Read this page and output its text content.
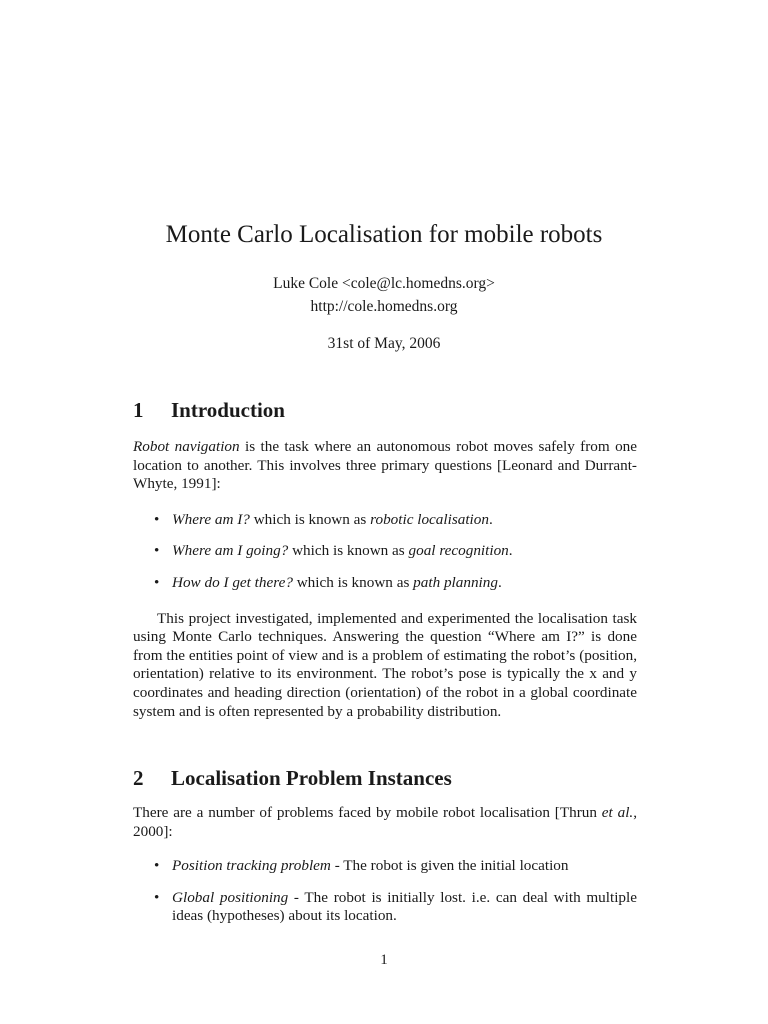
Monte Carlo Localisation for mobile robots
Luke Cole <cole@lc.homedns.org>
http://cole.homedns.org
31st of May, 2006
1 Introduction

Robot navigation is the task where an autonomous robot moves safely from one location to another. This involves three primary questions [Leonard and Durrant-Whyte, 1991]:

• Where am I? which is known as robotic localisation.
• Where am I going? which is known as goal recognition.
• How do I get there? which is known as path planning.

This project investigated, implemented and experimented the localisation task using Monte Carlo techniques. Answering the question “Where am I?” is done from the entities point of view and is a problem of estimating the robot’s (position, orientation) relative to its environment. The robot’s pose is typically the x and y coordinates and heading direction (orientation) of the robot in a global coordinate system and is often represented by a probability distribution.

2 Localisation Problem Instances

There are a number of problems faced by mobile robot localisation [Thrun et al., 2000]:

• Position tracking problem - The robot is given the initial location
• Global positioning - The robot is initially lost. i.e. can deal with multiple ideas (hypotheses) about its location.
1
